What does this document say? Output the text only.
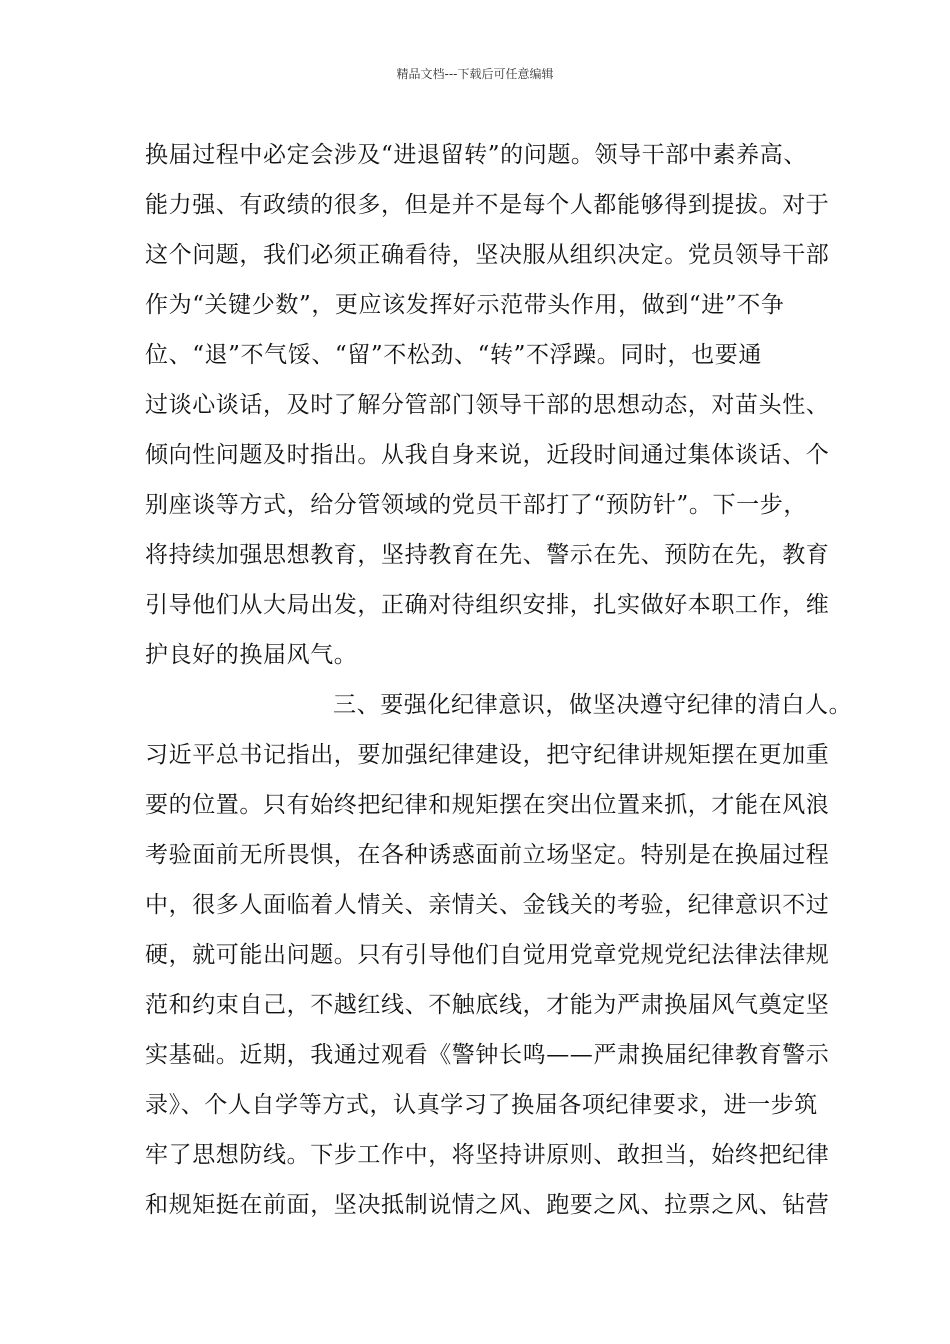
精品文档---下载后可任意编辑
换届过程中必定会涉及“进退留转”的问题。领导干部中素养高、
能力强、有政绩的很多，但是并不是每个人都能够得到提拔。对于
这个问题，我们必须正确看待，坚决服从组织决定。党员领导干部
作为“关键少数”，更应该发挥好示范带头作用，做到“进”不争
位、“退”不气馁、“留”不松劲、“转”不浮躁。同时，也要通
过谈心谈话，及时了解分管部门领导干部的思想动态，对苗头性、
倾向性问题及时指出。从我自身来说，近段时间通过集体谈话、个
别座谈等方式，给分管领域的党员干部打了“预防针”。下一步，
将持续加强思想教育，坚持教育在先、警示在先、预防在先，教育
引导他们从大局出发，正确对待组织安排，扎实做好本职工作，维
护良好的换届风气。
三、要强化纪律意识，做坚决遵守纪律的清白人。
习近平总书记指出，要加强纪律建设，把守纪律讲规矩摆在更加重
要的位置。只有始终把纪律和规矩摆在突出位置来抓，才能在风浪
考验面前无所畏惧，在各种诱惑面前立场坚定。特别是在换届过程
中，很多人面临着人情关、亲情关、金钱关的考验，纪律意识不过
硬，就可能出问题。只有引导他们自觉用党章党规党纪法律法律规
范和约束自己，不越红线、不触底线，才能为严肃换届风气奠定坚
实基础。近期，我通过观看《警钟长鸣——严肃换届纪律教育警示
录》、个人自学等方式，认真学习了换届各项纪律要求，进一步筑
牢了思想防线。下步工作中，将坚持讲原则、敢担当，始终把纪律
和规矩挺在前面，坚决抵制说情之风、跑要之风、拉票之风、钻营
